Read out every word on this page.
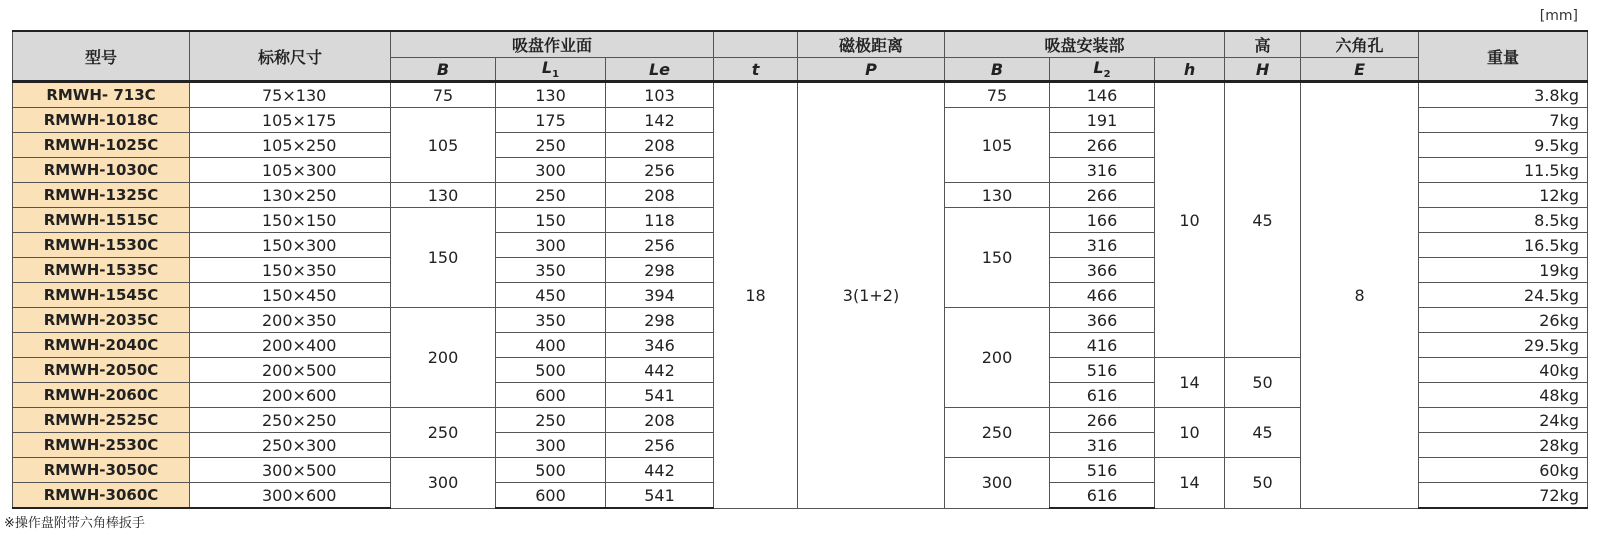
[mm]
型号	标称尺寸	吸盘作业面				磁极距离	吸盘安装部			高	六角孔	重量
		B	$L_1$	Le	t	P	B	$L_2$	h	H	E	
RMWH- 713C	75×130	75	130	103	18	3(1+2)	75	146	10	45	8	3.8kg
RMWH-1018C	105×175	105	175	142			105	191				7kg
RMWH-1025C	105×250		250	208				266				9.5kg
RMWH-1030C	105×300		300	256				316				11.5kg
RMWH-1325C	130×250	130	250	208			130	266				12kg
RMWH-1515C	150×150	150	150	118			150	166				8.5kg
RMWH-1530C	150×300		300	256				316				16.5kg
RMWH-1535C	150×350		350	298				366				19kg
RMWH-1545C	150×450		450	394				466				24.5kg
RMWH-2035C	200×350	200	350	298			200	366				26kg
RMWH-2040C	200×400		400	346				416				29.5kg
RMWH-2050C	200×500		500	442				516	14	50		40kg
RMWH-2060C	200×600		600	541				616				48kg
RMWH-2525C	250×250	250	250	208			250	266	10	45		24kg
RMWH-2530C	250×300		300	256				316				28kg
RMWH-3050C	300×500	300	500	442			300	516	14	50		60kg
RMWH-3060C	300×600		600	541				616				72kg
※操作盘附带六角棒扳手
